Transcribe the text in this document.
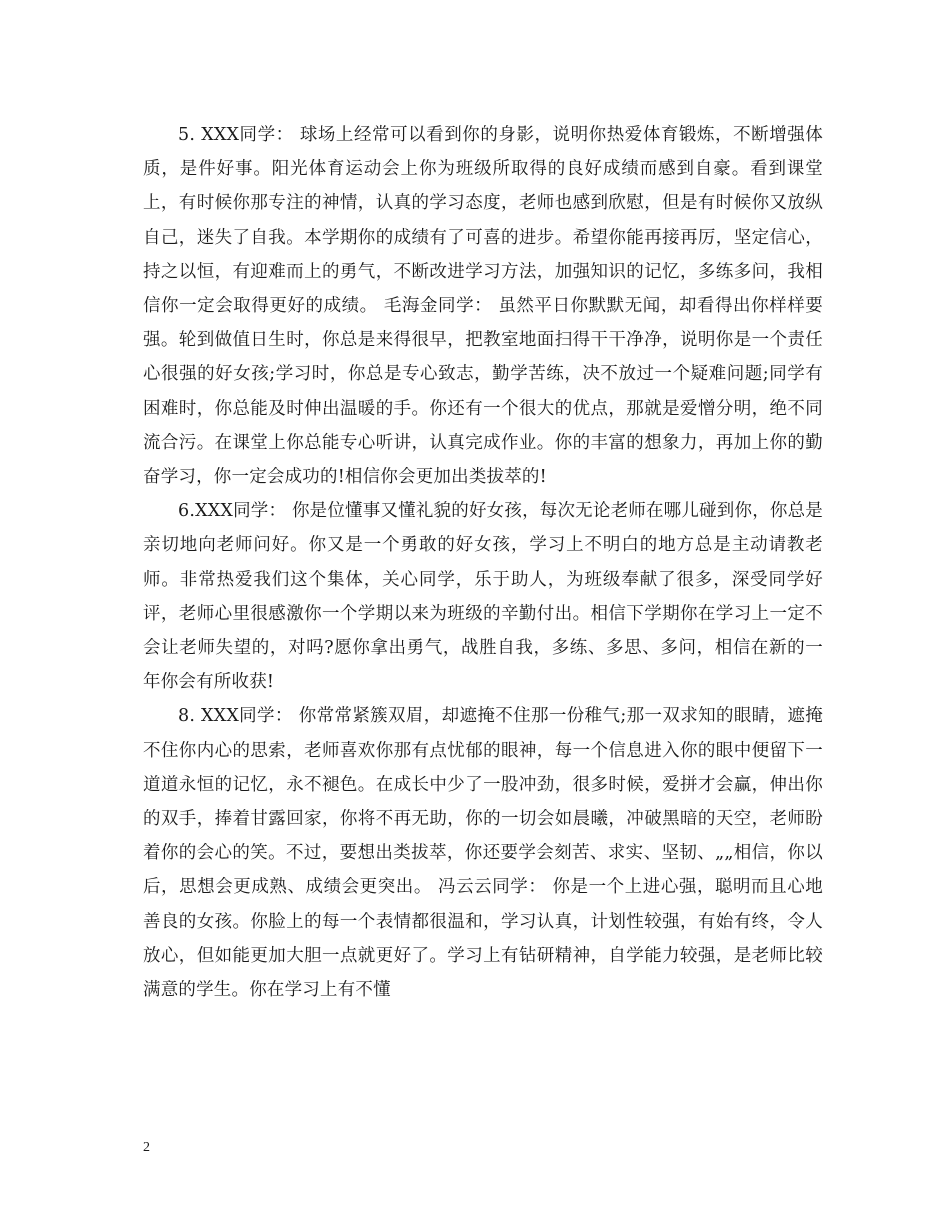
5. XXX同学： 球场上经常可以看到你的身影，说明你热爱体育锻炼，不断增强体质，是件好事。阳光体育运动会上你为班级所取得的良好成绩而感到自豪。看到课堂上，有时候你那专注的神情，认真的学习态度，老师也感到欣慰，但是有时候你又放纵自己，迷失了自我。本学期你的成绩有了可喜的进步。希望你能再接再厉，坚定信心，持之以恒，有迎难而上的勇气，不断改进学习方法，加强知识的记忆，多练多问，我相信你一定会取得更好的成绩。 毛海金同学： 虽然平日你默默无闻，却看得出你样样要强。轮到做值日生时，你总是来得很早，把教室地面扫得干干净净，说明你是一个责任心很强的好女孩;学习时，你总是专心致志，勤学苦练，决不放过一个疑难问题;同学有困难时，你总能及时伸出温暖的手。你还有一个很大的优点，那就是爱憎分明，绝不同流合污。在课堂上你总能专心听讲，认真完成作业。你的丰富的想象力，再加上你的勤奋学习，你一定会成功的!相信你会更加出类拔萃的!

6.XXX同学： 你是位懂事又懂礼貌的好女孩，每次无论老师在哪儿碰到你，你总是亲切地向老师问好。你又是一个勇敢的好女孩，学习上不明白的地方总是主动请教老师。非常热爱我们这个集体，关心同学，乐于助人，为班级奉献了很多，深受同学好评，老师心里很感激你一个学期以来为班级的辛勤付出。相信下学期你在学习上一定不会让老师失望的，对吗?愿你拿出勇气，战胜自我，多练、多思、多问，相信在新的一年你会有所收获!

8. XXX同学： 你常常紧簇双眉，却遮掩不住那一份稚气;那一双求知的眼睛，遮掩不住你内心的思索，老师喜欢你那有点忧郁的眼神，每一个信息进入你的眼中便留下一道道永恒的记忆，永不褪色。在成长中少了一股冲劲，很多时候，爱拼才会赢，伸出你的双手，捧着甘露回家，你将不再无助，你的一切会如晨曦，冲破黑暗的天空，老师盼着你的会心的笑。不过，要想出类拔萃，你还要学会刻苦、求实、坚韧、„„相信，你以后，思想会更成熟、成绩会更突出。 冯云云同学： 你是一个上进心强，聪明而且心地善良的女孩。你脸上的每一个表情都很温和，学习认真，计划性较强，有始有终，令人放心，但如能更加大胆一点就更好了。学习上有钻研精神，自学能力较强，是老师比较满意的学生。你在学习上有不懂

2
